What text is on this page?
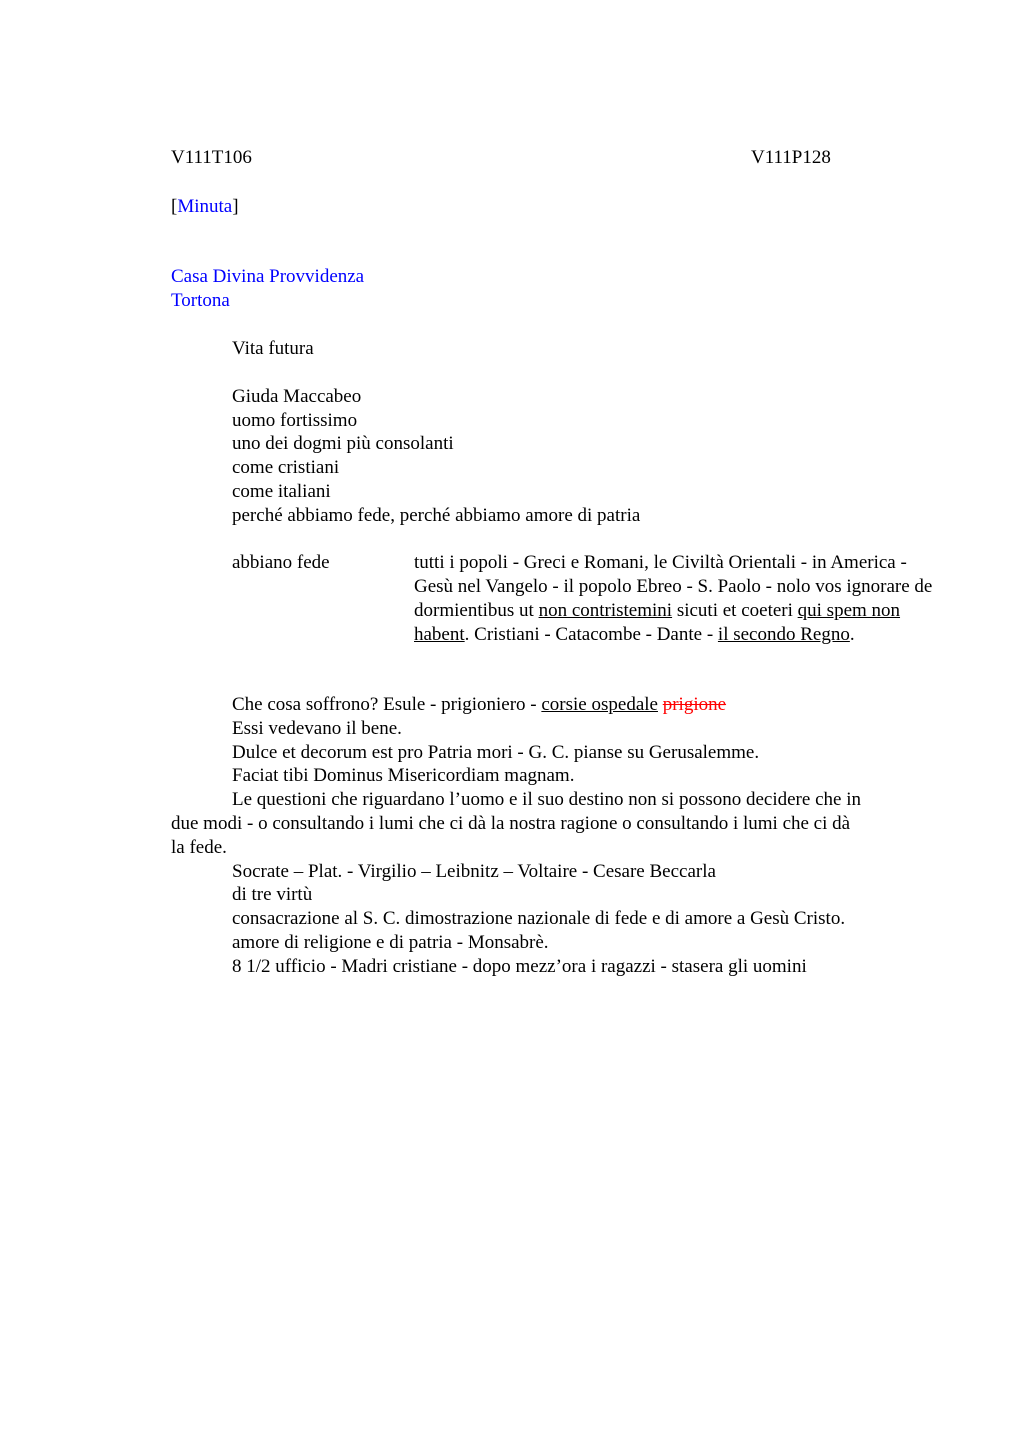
V111T106	V111P128
[Minuta]
Casa Divina Provvidenza
Tortona
Vita futura
Giuda Maccabeo
uomo fortissimo
uno dei dogmi più consolanti
come cristiani
come italiani
perché abbiamo fede, perché abbiamo amore di patria
abbiano fede	tutti i popoli - Greci e Romani, le Civiltà Orientali - in America - Gesù nel Vangelo - il popolo Ebreo - S. Paolo - nolo vos ignorare de dormientibus ut non contristemini sicuti et coeteri qui spem non habent. Cristiani - Catacombe - Dante - il secondo Regno.
Che cosa soffrono? Esule - prigioniero - corsie ospedale prigione
Essi vedevano il bene.
Dulce et decorum est pro Patria mori - G. C. pianse su Gerusalemme.
Faciat tibi Dominus Misericordiam magnam.
Le questioni che riguardano l’uomo e il suo destino non si possono decidere che in
due modi - o consultando i lumi che ci dà la nostra ragione o consultando i lumi che ci dà
la fede.
Socrate – Plat. - Virgilio – Leibnitz – Voltaire - Cesare Beccarla
di tre virtù
consacrazione al S. C. dimostrazione nazionale di fede e di amore a Gesù Cristo.
amore di religione e di patria - Monsabrè.
8 1/2 ufficio - Madri cristiane - dopo mezz’ora i ragazzi - stasera gli uomini
